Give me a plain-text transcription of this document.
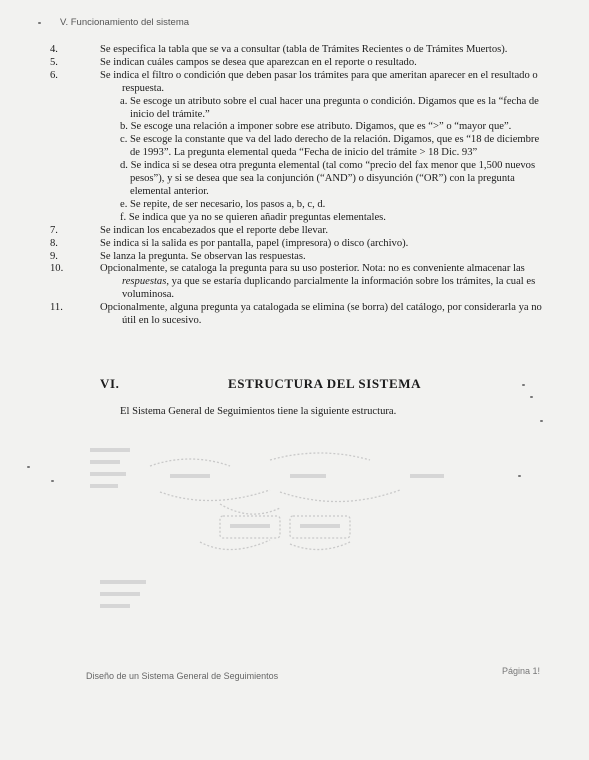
V. Funcionamiento del sistema

4.	Se especifica la tabla que se va a consultar (tabla de Trámites Recientes o de Trámites Muertos).

5.	Se indican cuáles campos se desea que aparezcan en el reporte o resultado.

6.	Se indica el filtro o condición que deben pasar los trámites para que ameritan aparecer en el resultado o respuesta.

a. Se escoge un atributo sobre el cual hacer una pregunta o condición. Digamos que es la “fecha de inicio del trámite.”
b. Se escoge una relación a imponer sobre ese atributo. Digamos, que es “>” o “mayor que”.
c. Se escoge la constante que va del lado derecho de la relación. Digamos, que es “18 de diciembre de 1993”. La pregunta elemental queda “Fecha de inicio del trámite > 18 Dic. 93”
d. Se indica si se desea otra pregunta elemental (tal como “precio del fax menor que 1,500 nuevos pesos”), y si se desea que sea la conjunción (“AND”) o disyunción (“OR”) con la pregunta elemental anterior.
e. Se repite, de ser necesario, los pasos a, b, c, d.
f. Se indica que ya no se quieren añadir preguntas elementales.

7.	Se indican los encabezados que el reporte debe llevar.

8.	Se indica si la salida es por pantalla, papel (impresora) o disco (archivo).

9.	Se lanza la pregunta. Se observan las respuestas.

10.	Opcionalmente, se cataloga la pregunta para su uso posterior. Nota: no es conveniente almacenar las respuestas, ya que se estaría duplicando parcialmente la información sobre los trámites, la cual es voluminosa.

11.	Opcionalmente, alguna pregunta ya catalogada se elimina (se borra) del catálogo, por considerarla ya no útil en lo sucesivo.

VI.	ESTRUCTURA DEL SISTEMA
El Sistema General de Seguimientos tiene la siguiente estructura.
Diseño de un Sistema General de Seguimientos	Página 1!
